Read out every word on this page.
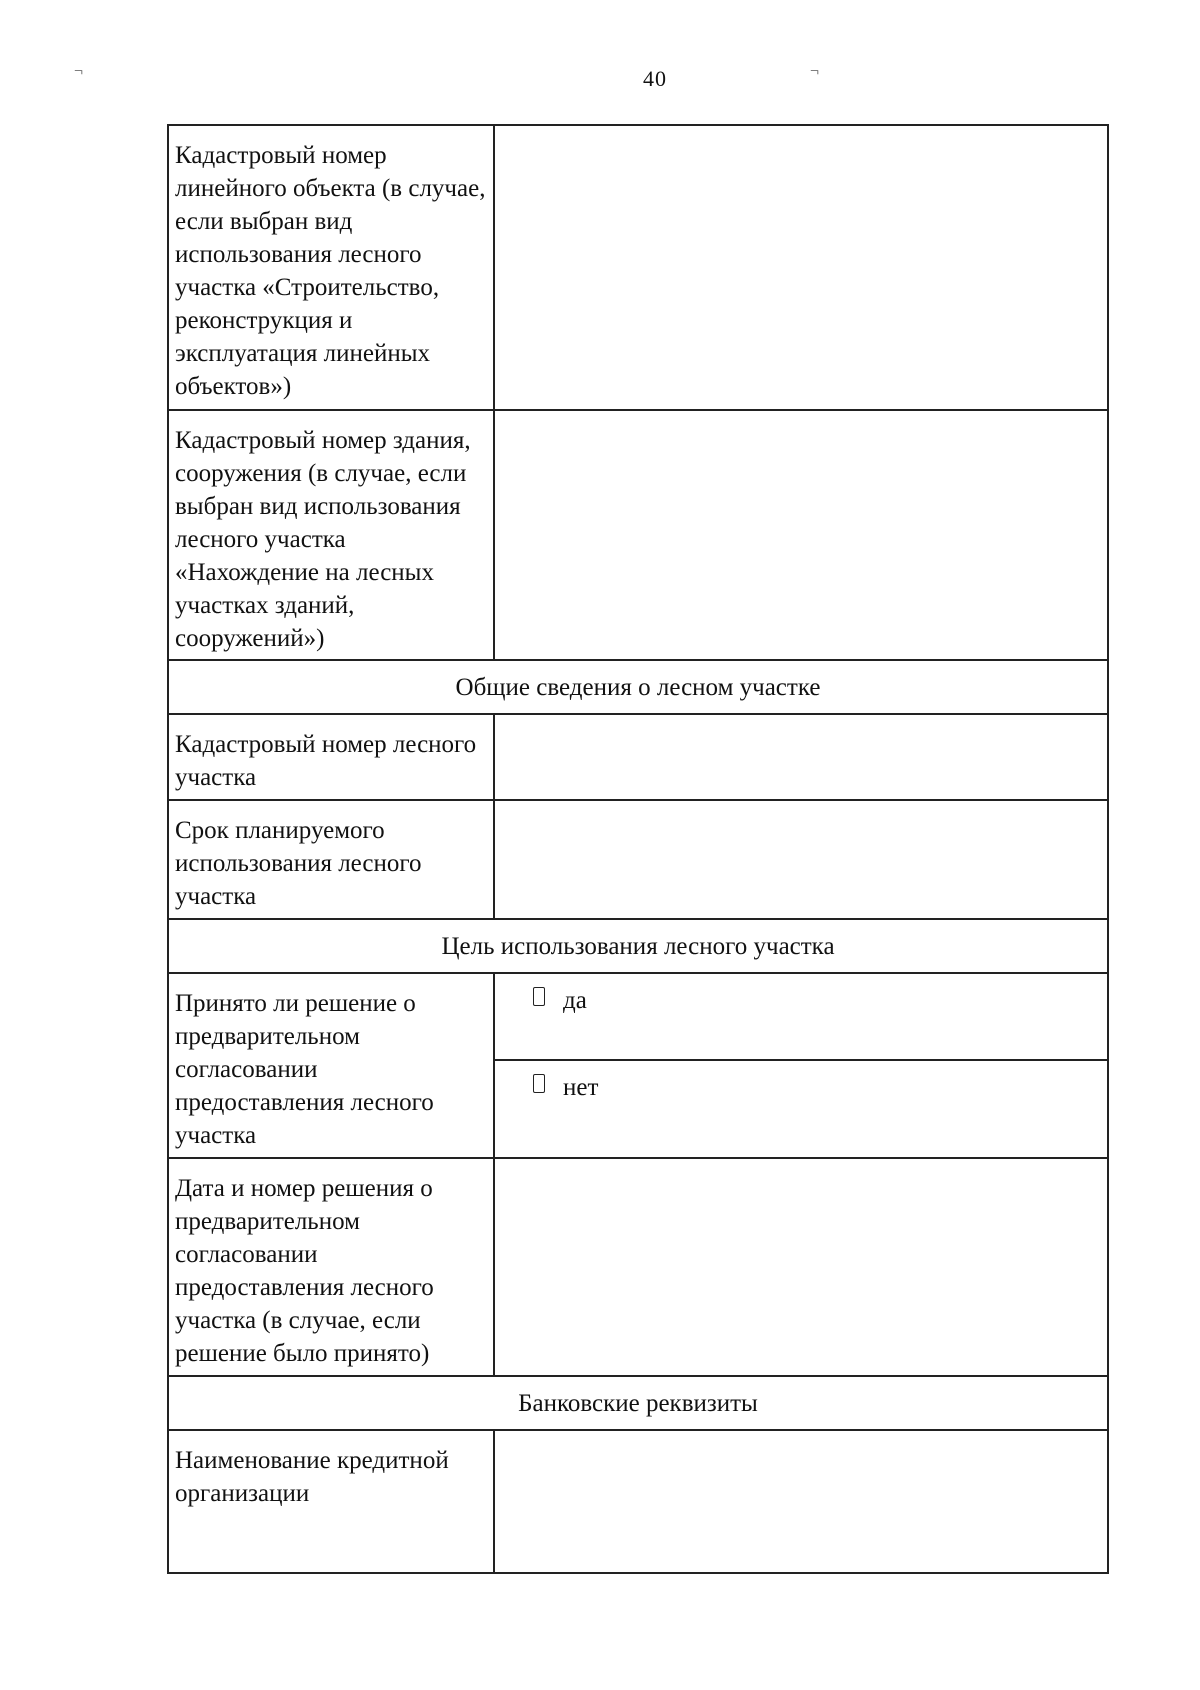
40
¬	¬
Кадастровый номер линейного объекта (в случае, если выбран вид использования лесного участка «Строительство, реконструкция и эксплуатация линейных объектов»)	
Кадастровый номер здания, сооружения (в случае, если выбран вид использования лесного участка «Нахождение на лесных участках зданий, сооружений»)	
Общие сведения о лесном участке	
Кадастровый номер лесного участка	
Срок планируемого использования лесного участка	
Цель использования лесного участка	
Принято ли решение о предварительном согласовании предоставления лесного участка	да
нет

Дата и номер решения о предварительном согласовании предоставления лесного участка (в случае, если решение было принято)	
Банковские реквизиты	
Наименование кредитной организации	
